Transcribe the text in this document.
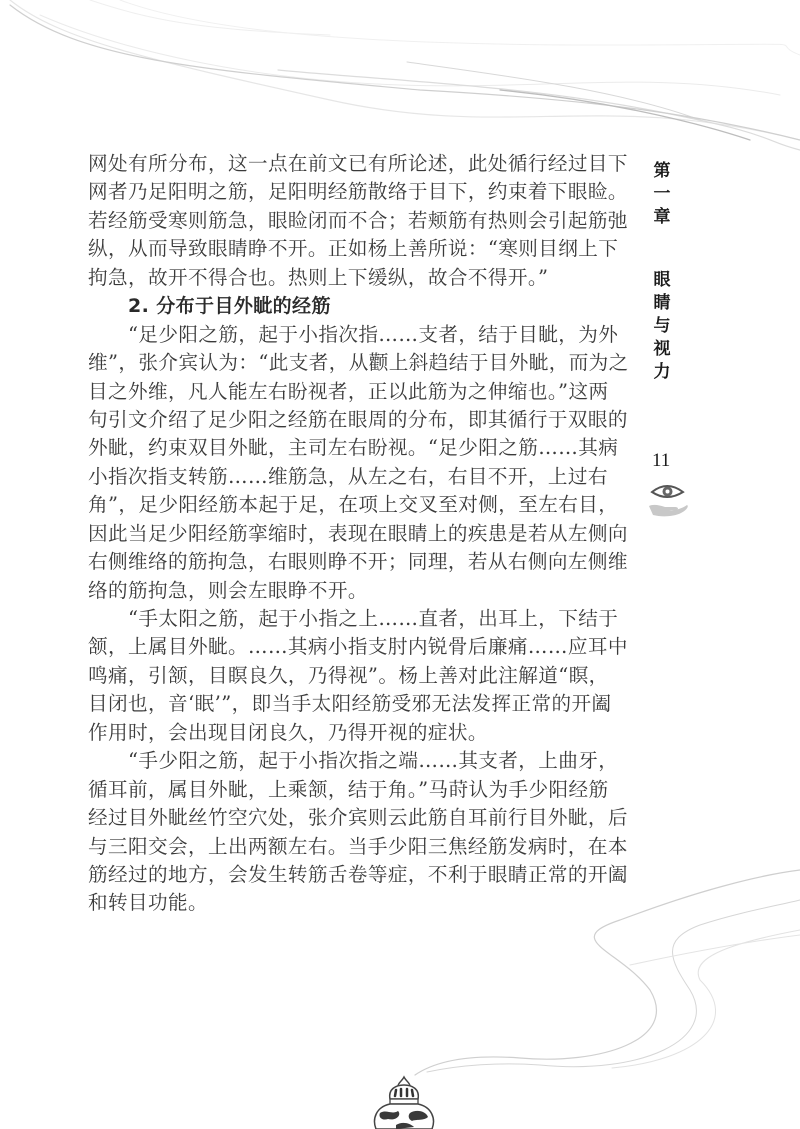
网处有所分布，这一点在前文已有所论述，此处循行经过目下
网者乃足阳明之筋，足阳明经筋散络于目下，约束着下眼睑。
若经筋受寒则筋急，眼睑闭而不合；若颊筋有热则会引起筋弛
纵，从而导致眼睛睁不开。正如杨上善所说：“寒则目纲上下
拘急，故开不得合也。热则上下缓纵，故合不得开。”
2. 分布于目外眦的经筋
“足少阳之筋，起于小指次指……支者，结于目眦，为外
维”，张介宾认为：“此支者，从颧上斜趋结于目外眦，而为之
目之外维，凡人能左右盼视者，正以此筋为之伸缩也。”这两
句引文介绍了足少阳之经筋在眼周的分布，即其循行于双眼的
外眦，约束双目外眦，主司左右盼视。“足少阳之筋……其病
小指次指支转筋……维筋急，从左之右，右目不开，上过右
角”，足少阳经筋本起于足，在项上交叉至对侧，至左右目，
因此当足少阳经筋挛缩时，表现在眼睛上的疾患是若从左侧向
右侧维络的筋拘急，右眼则睁不开；同理，若从右侧向左侧维
络的筋拘急，则会左眼睁不开。
“手太阳之筋，起于小指之上……直者，出耳上，下结于
颔，上属目外眦。……其病小指支肘内锐骨后廉痛……应耳中
鸣痛，引颔，目瞑良久，乃得视”。杨上善对此注解道“瞑，
目闭也，音‘眠’”，即当手太阳经筋受邪无法发挥正常的开阖
作用时，会出现目闭良久，乃得开视的症状。
“手少阳之筋，起于小指次指之端……其支者，上曲牙，
循耳前，属目外眦，上乘颔，结于角。”马莳认为手少阳经筋
经过目外眦丝竹空穴处，张介宾则云此筋自耳前行目外眦，后
与三阳交会，上出两额左右。当手少阳三焦经筋发病时，在本
筋经过的地方，会发生转筋舌卷等症，不利于眼睛正常的开阖
和转目功能。
第
一
章
眼
睛
与
视
力
11
